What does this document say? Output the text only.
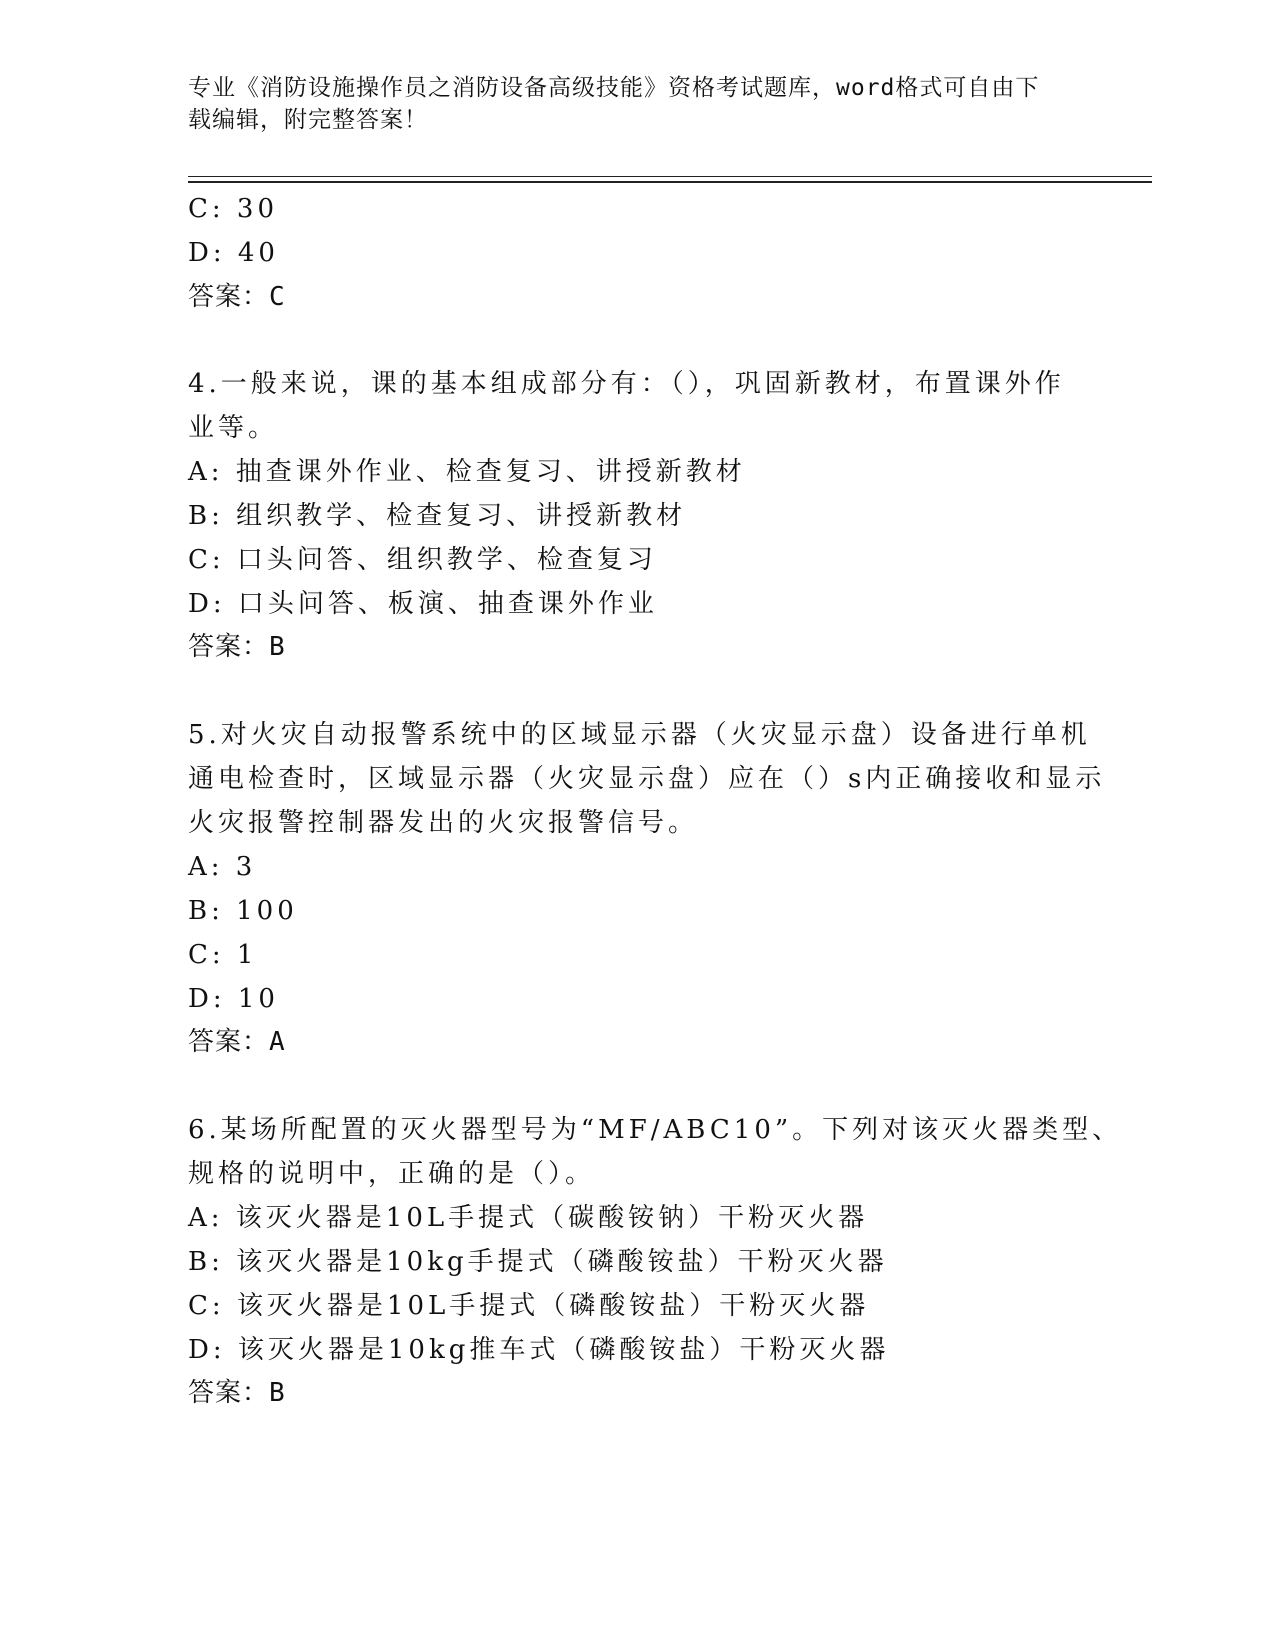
专业《消防设施操作员之消防设备高级技能》资格考试题库，word格式可自由下
载编辑，附完整答案！
C: 30
D: 40
答案：C
4.一般来说，课的基本组成部分有：（），巩固新教材，布置课外作
业等。
A: 抽查课外作业、检查复习、讲授新教材
B: 组织教学、检查复习、讲授新教材
C: 口头问答、组织教学、检查复习
D: 口头问答、板演、抽查课外作业
答案：B
5.对火灾自动报警系统中的区域显示器（火灾显示盘）设备进行单机
通电检查时，区域显示器（火灾显示盘）应在（）s内正确接收和显示
火灾报警控制器发出的火灾报警信号。
A: 3
B: 100
C: 1
D: 10
答案：A
6.某场所配置的灭火器型号为“MF/ABC10”。下列对该灭火器类型、
规格的说明中，正确的是（）。
A: 该灭火器是10L手提式（碳酸铵钠）干粉灭火器
B: 该灭火器是10kg手提式（磷酸铵盐）干粉灭火器
C: 该灭火器是10L手提式（磷酸铵盐）干粉灭火器
D: 该灭火器是10kg推车式（磷酸铵盐）干粉灭火器
答案：B
